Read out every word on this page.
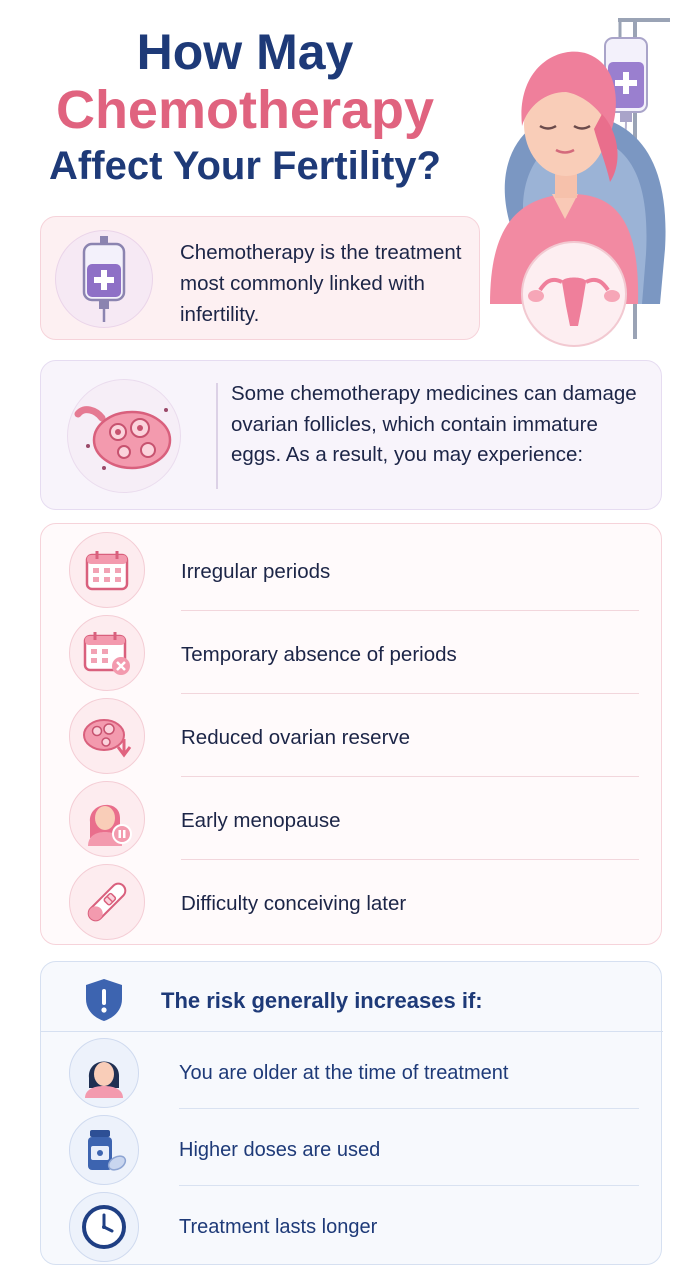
How May
Chemotherapy
Affect Your Fertility?
Chemotherapy is the treatment most commonly linked with infertility.
Some chemotherapy medicines can damage ovarian follicles, which contain immature eggs. As a result, you may experience:
Irregular periods
Temporary absence of periods
Reduced ovarian reserve
Early menopause
Difficulty conceiving later
The risk generally increases if:
You are older at the time of treatment
Higher doses are used
Treatment lasts longer
